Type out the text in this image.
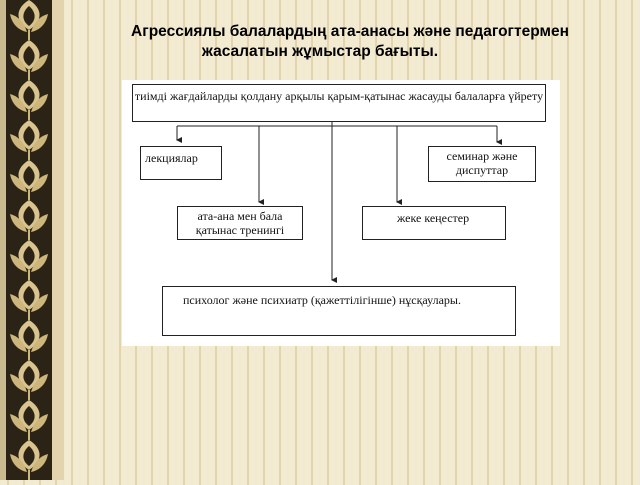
Агрессиялы балалардың ата-анасы және педагогтермен
жасалатын жұмыстар бағыты.
тиімді жағдайларды қолдану арқылы қарым-қатынас жасауды балаларға үйрету
лекциялар	семинар және диспуттар
ата-ана мен бала қатынас тренингі
жеке кеңестер
психолог және психиатр (қажеттілігінше) нұсқаулары.
